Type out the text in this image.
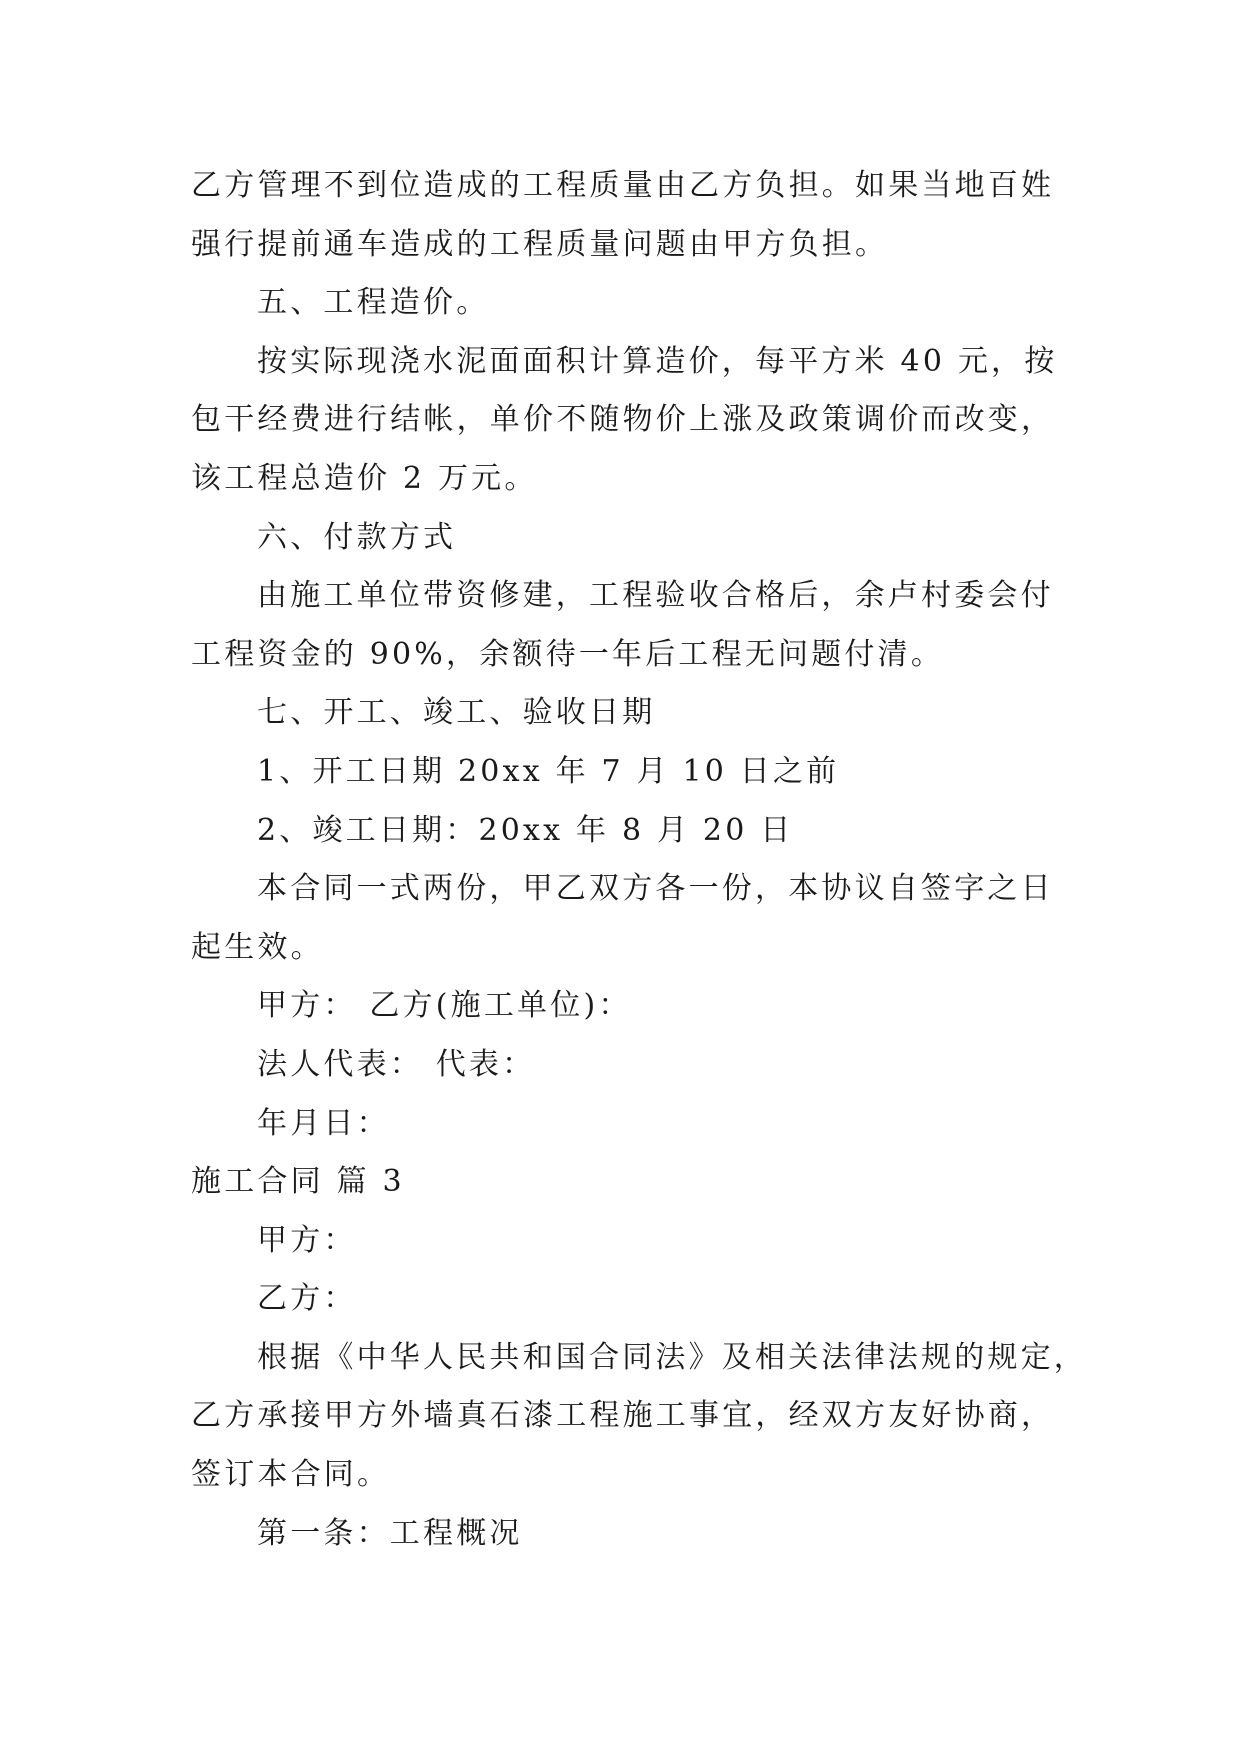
乙方管理不到位造成的工程质量由乙方负担。如果当地百姓
强行提前通车造成的工程质量问题由甲方负担。
五、工程造价。
按实际现浇水泥面面积计算造价，每平方米 40 元，按
包干经费进行结帐，单价不随物价上涨及政策调价而改变，
该工程总造价 2 万元。
六、付款方式
由施工单位带资修建，工程验收合格后，余卢村委会付
工程资金的 90%，余额待一年后工程无问题付清。
七、开工、竣工、验收日期
1、开工日期 20xx 年 7 月 10 日之前
2、竣工日期：20xx 年 8 月 20 日
本合同一式两份，甲乙双方各一份，本协议自签字之日
起生效。
甲方： 乙方(施工单位)：
法人代表： 代表：
年月日：
施工合同 篇 3
甲方：
乙方：
根据《中华人民共和国合同法》及相关法律法规的规定，
乙方承接甲方外墙真石漆工程施工事宜，经双方友好协商，
签订本合同。
第一条：工程概况
